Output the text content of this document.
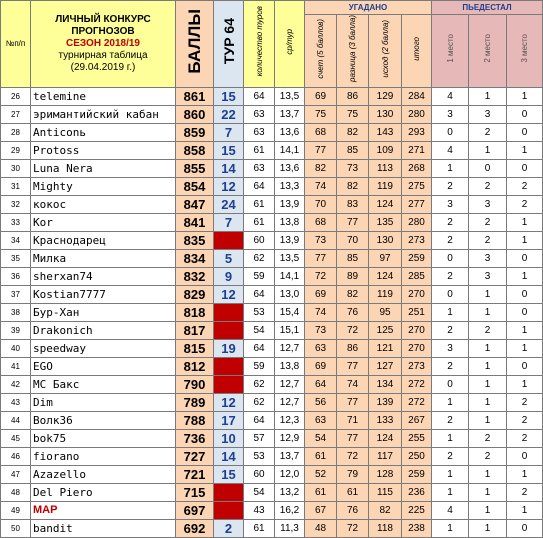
№п/п	ЛИЧНЫЙ КОНКУРС
ПРОГНОЗОВ
СЕЗОН 2018/19
турнирная таблица
(29.04.2019 г.)	БАЛЛЫ	ТУР 64	количество туров	ср/тур	УГАДАНО				ПЬЕДЕСТАЛ		
						счет (5 баллов)	разница (3 балла)	исход (2 балла)	итого	1 место	2 место	3 место
26	telemine	861	15	64	13,5	69	86	129	284	4	1	1
27	эримантийский кабан	860	22	63	13,7	75	75	130	280	3	3	0
28	Anticonь	859	7	63	13,6	68	82	143	293	0	2	0
29	Protoss	858	15	61	14,1	77	85	109	271	4	1	1
30	Luna Nera	855	14	63	13,6	82	73	113	268	1	0	0
31	Mighty	854	12	64	13,3	74	82	119	275	2	2	2
32	кокос	847	24	61	13,9	70	83	124	277	3	3	2
33	Kor	841	7	61	13,8	68	77	135	280	2	2	1
34	Краснодарец	835		60	13,9	73	70	130	273	2	2	1
35	Милка	834	5	62	13,5	77	85	97	259	0	3	0
36	sherxan74	832	9	59	14,1	72	89	124	285	2	3	1
37	Kostian7777	829	12	64	13,0	69	82	119	270	0	1	0
38	Бур-Хан	818		53	15,4	74	76	95	251	1	1	0
39	Drakonich	817		54	15,1	73	72	125	270	2	2	1
40	speedway	815	19	64	12,7	63	86	121	270	3	1	1
41	EGO	812		59	13,8	69	77	127	273	2	1	0
42	MC Бакс	790		62	12,7	64	74	134	272	0	1	1
43	Dim	789	12	62	12,7	56	77	139	272	1	1	2
44	Волк36	788	17	64	12,3	63	71	133	267	2	1	2
45	bok75	736	10	57	12,9	54	77	124	255	1	2	2
46	fiorano	727	14	53	13,7	61	72	117	250	2	2	0
47	Azazello	721	15	60	12,0	52	79	128	259	1	1	1
48	Del Piero	715		54	13,2	61	61	115	236	1	1	2
49	МАР	697		43	16,2	67	76	82	225	4	1	1
50	bandit	692	2	61	11,3	48	72	118	238	1	1	0
